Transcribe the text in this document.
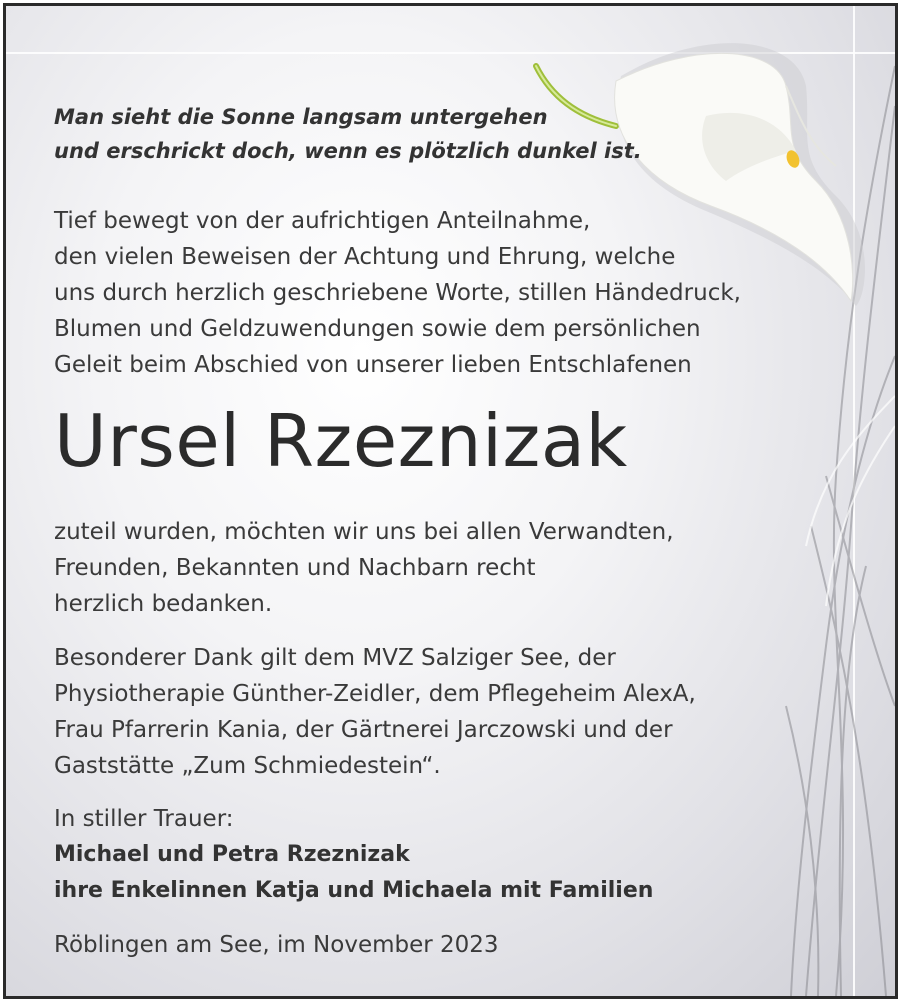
Man sieht die Sonne langsam untergehen
und erschrickt doch, wenn es plötzlich dunkel ist.

Tief bewegt von der aufrichtigen Anteilnahme,
den vielen Beweisen der Achtung und Ehrung, welche
uns durch herzlich geschriebene Worte, stillen Händedruck,
Blumen und Geldzuwendungen sowie dem persönlichen
Geleit beim Abschied von unserer lieben Entschlafenen

Ursel Rzeznizak

zuteil wurden, möchten wir uns bei allen Verwandten,
Freunden, Bekannten und Nachbarn recht
herzlich bedanken.

Besonderer Dank gilt dem MVZ Salziger See, der
Physiotherapie Günther-Zeidler, dem Pflegeheim AlexA,
Frau Pfarrerin Kania, der Gärtnerei Jarczowski und der
Gaststätte „Zum Schmiedestein“.

In stiller Trauer:

Michael und Petra Rzeznizak

ihre Enkelinnen Katja und Michaela mit Familien

Röblingen am See, im November 2023
